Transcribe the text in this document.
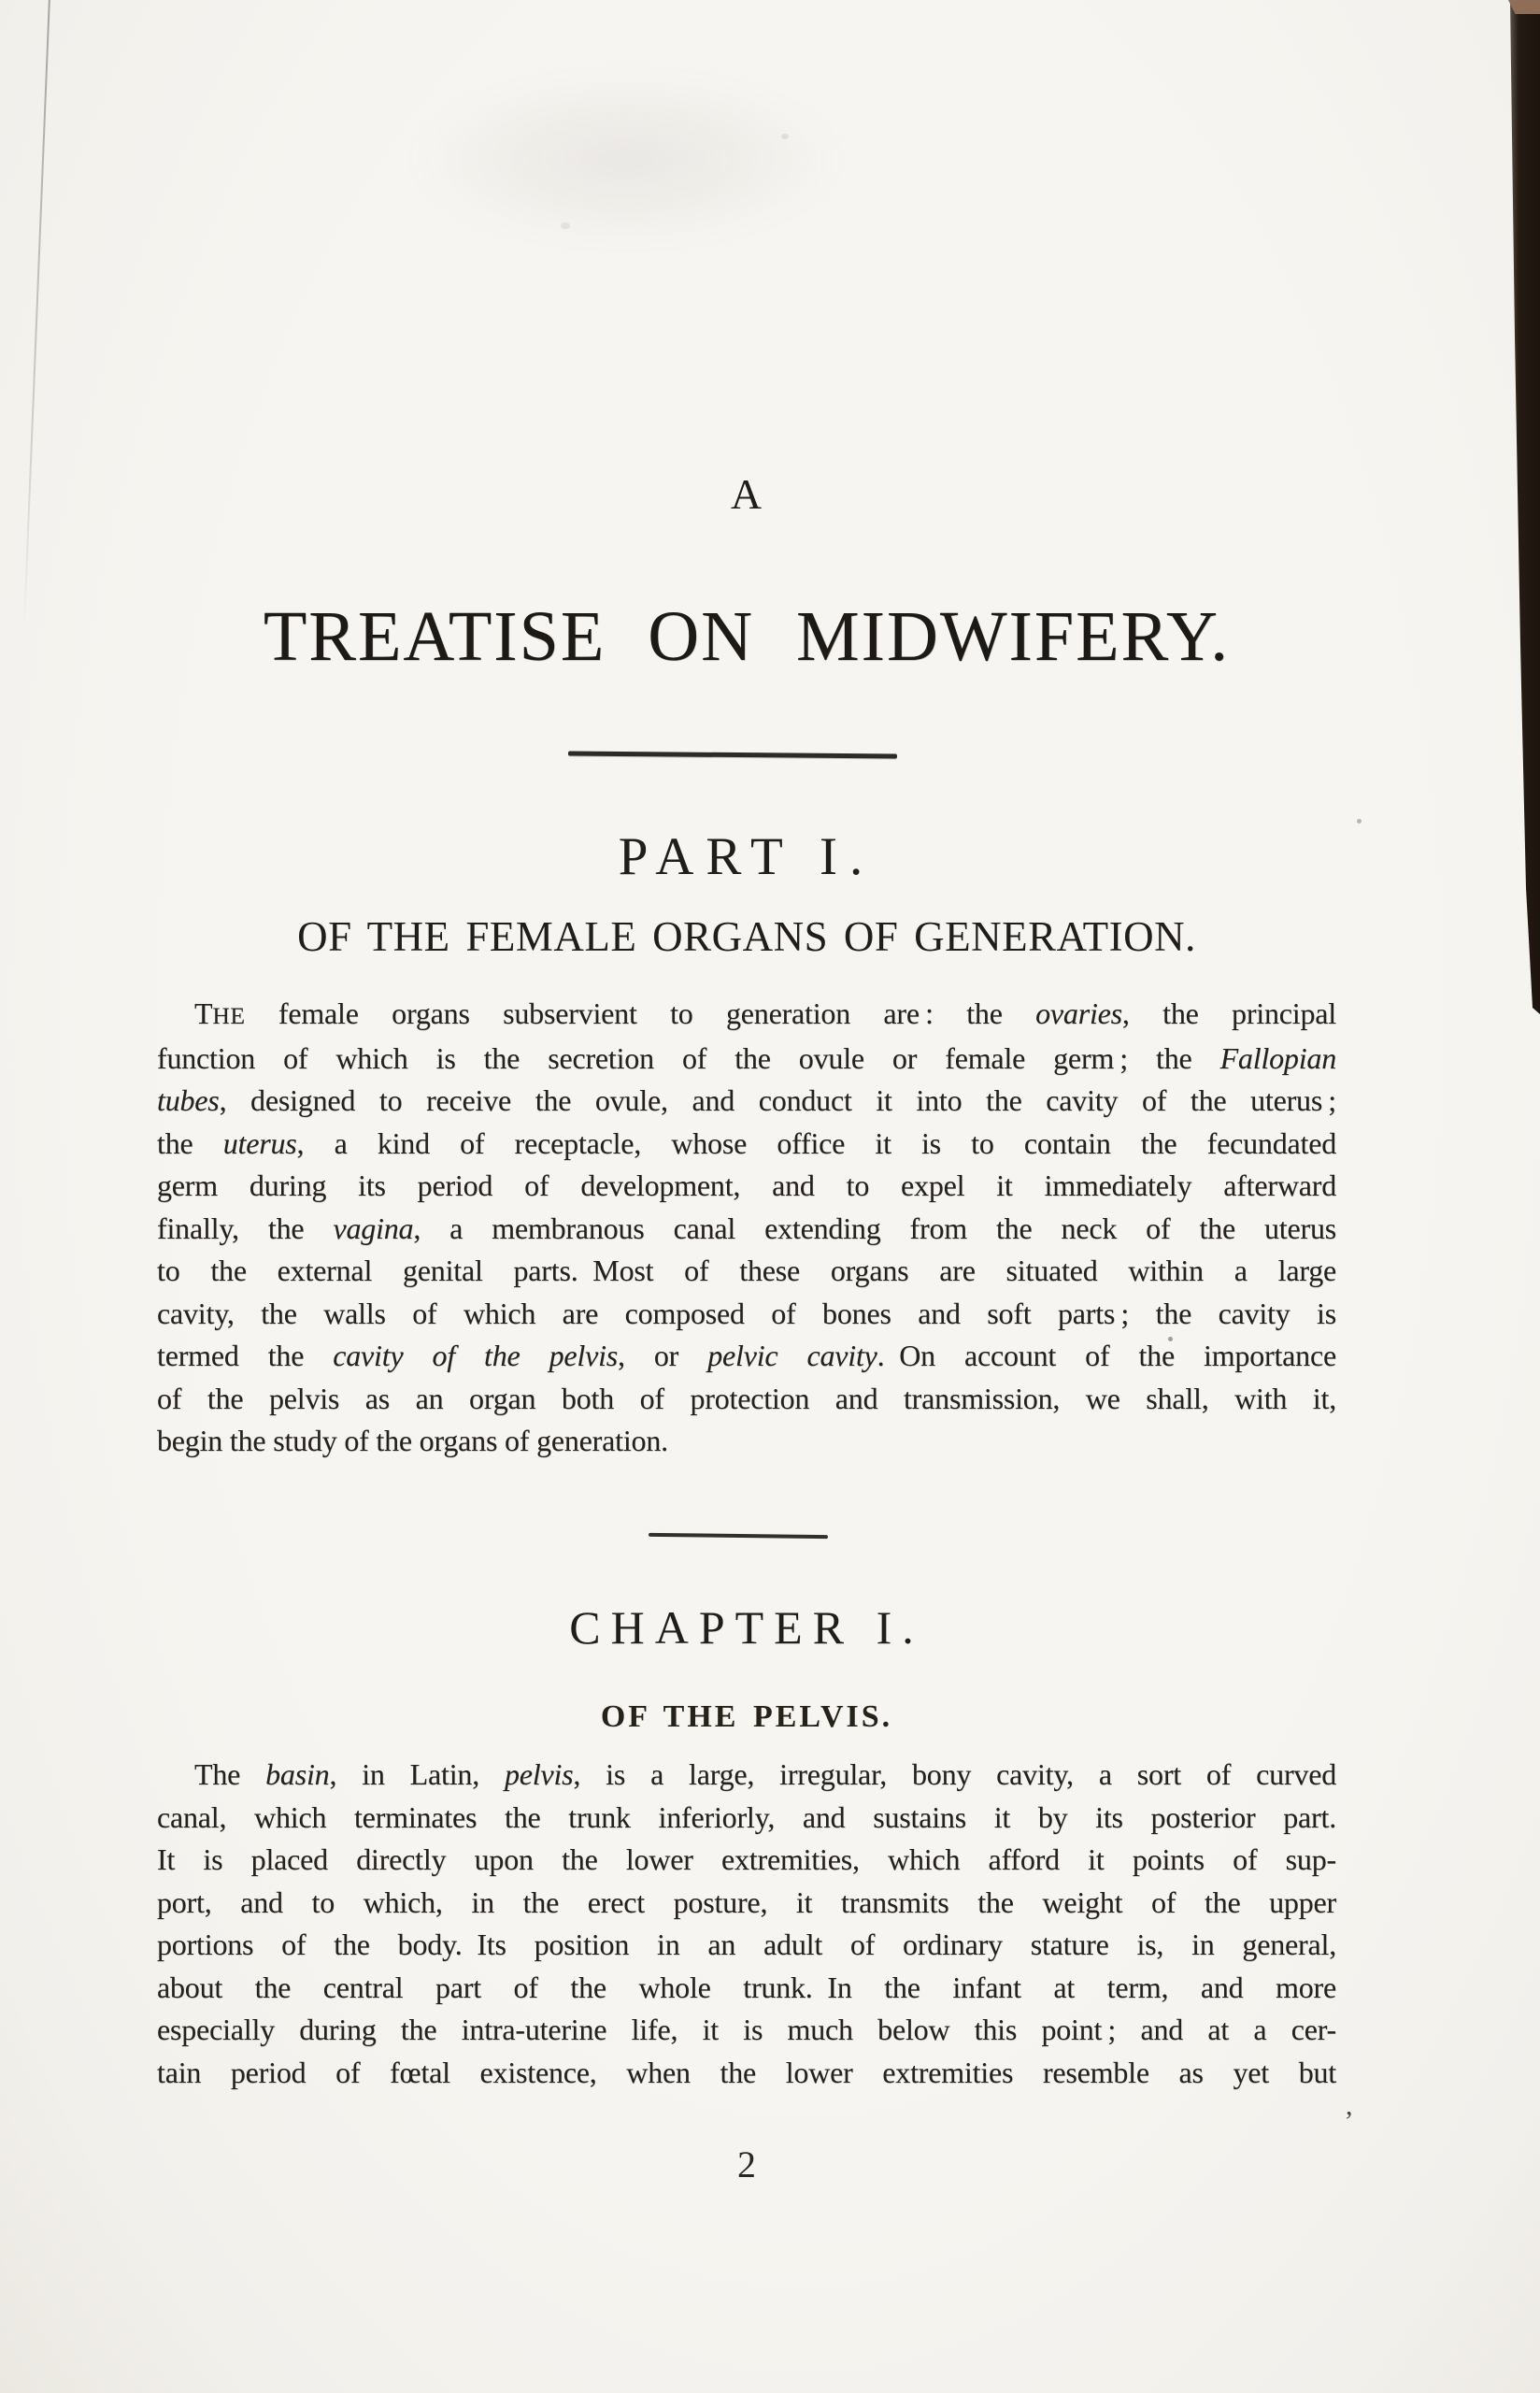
A
TREATISE ON MIDWIFERY.
PART I.
OF THE FEMALE ORGANS OF GENERATION.
THE female organs subservient to generation are : the ovaries, the principal
function of which is the secretion of the ovule or female germ ; the Fallopian
tubes, designed to receive the ovule, and conduct it into the cavity of the uterus ;
the uterus, a kind of receptacle, whose office it is to contain the fecundated
germ during its period of development, and to expel it immediately afterward
finally, the vagina, a membranous canal extending from the neck of the uterus
to the external genital parts. Most of these organs are situated within a large
cavity, the walls of which are composed of bones and soft parts ; the cavity is
termed the cavity of the pelvis, or pelvic cavity. On account of the importance
of the pelvis as an organ both of protection and transmission, we shall, with it,
begin the study of the organs of generation.
CHAPTER I.
OF THE PELVIS.
The basin, in Latin, pelvis, is a large, irregular, bony cavity, a sort of curved
canal, which terminates the trunk inferiorly, and sustains it by its posterior part.
It is placed directly upon the lower extremities, which afford it points of sup-
port, and to which, in the erect posture, it transmits the weight of the upper
portions of the body. Its position in an adult of ordinary stature is, in general,
about the central part of the whole trunk. In the infant at term, and more
especially during the intra-uterine life, it is much below this point ; and at a cer-
tain period of fœtal existence, when the lower extremities resemble as yet but
,
2
